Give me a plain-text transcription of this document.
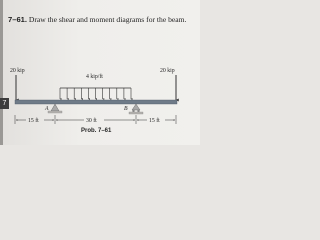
7
7–61. Draw the shear and moment diagrams for the beam.
20 kip	20 kip
4 kip/ft
A	B
15 ft	30 ft	15 ft
Prob. 7–61
